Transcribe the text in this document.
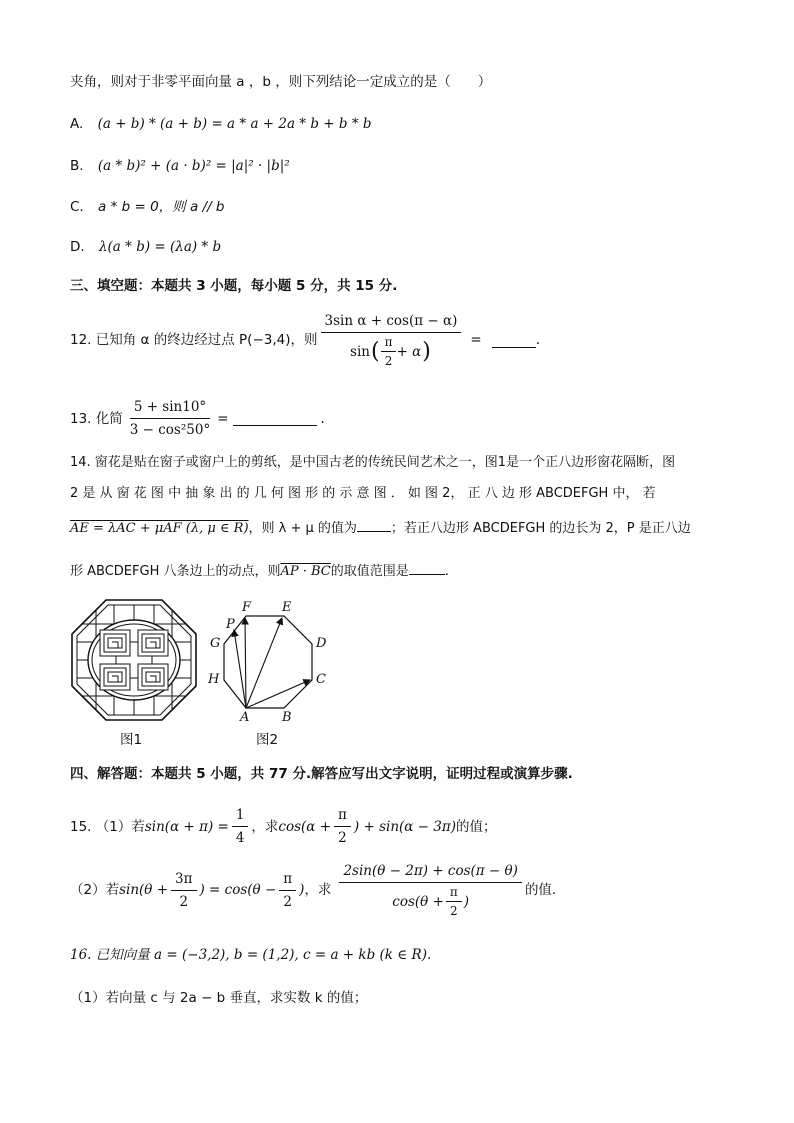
夹角，则对于非零平面向量 a ，b ，则下列结论一定成立的是（　　）
A. (a + b) * (a + b) = a * a + 2a * b + b * b
B. (a * b)² + (a · b)² = |a|² · |b|²
C. a * b = 0，则 a // b
D. λ(a * b) = (λa) * b
三、填空题：本题共 3 小题，每小题 5 分，共 15 分.
12. 已知角 α 的终边经过点 P(−3,4)，则
3sin α + cos(π − α)
sin ( $\frac{\pi}{2} + \alpha$ )	=	.
13. 化简 $\frac{5 + \sin 10^\circ}{\text{3 − cos²50°}}$ =	.
14. 窗花是贴在窗子或窗户上的剪纸，是中国古老的传统民间艺术之一，图1是一个正八边形窗花隔断，图
2 是 从 窗 花 图 中 抽 象 出 的 几 何 图 形 的 示 意 图 ． 如 图 2， 正 八 边 形 ABCDEFGH 中， 若
AE = λAC + μAF (λ, μ ∈ R)，则 λ + μ 的值为	；若正八边形 ABCDEFGH 的边长为 2，P 是正八边
形 ABCDEFGH 八条边上的动点，则AP · BC的取值范围是	.
图1
F E
P
G	D
H	C
A	B
图2
四、解答题：本题共 5 小题，共 77 分.解答应写出文字说明，证明过程或演算步骤.
15. （1）若 $\sin(\alpha + \pi) = \frac{1}{4}$ ，求 $\cos(\alpha + \frac{\pi}{2}$ ) + sin(α − 3π) 的值；
（2）若 $\sin(\theta + \frac{3\pi}{2}$ ) = $\cos(\theta - \frac{\pi}{2}$ ) ，求 $\frac{2\sin(\theta - 2\pi) + \cos(\pi - \theta)}{\cos(\theta + \frac{\pi}{2} )}$ 的值.
16. 已知向量 a = (−3,2), b = (1,2), c = a + kb (k ∈ R).
（1）若向量 c 与 2a − b 垂直，求实数 k 的值；
